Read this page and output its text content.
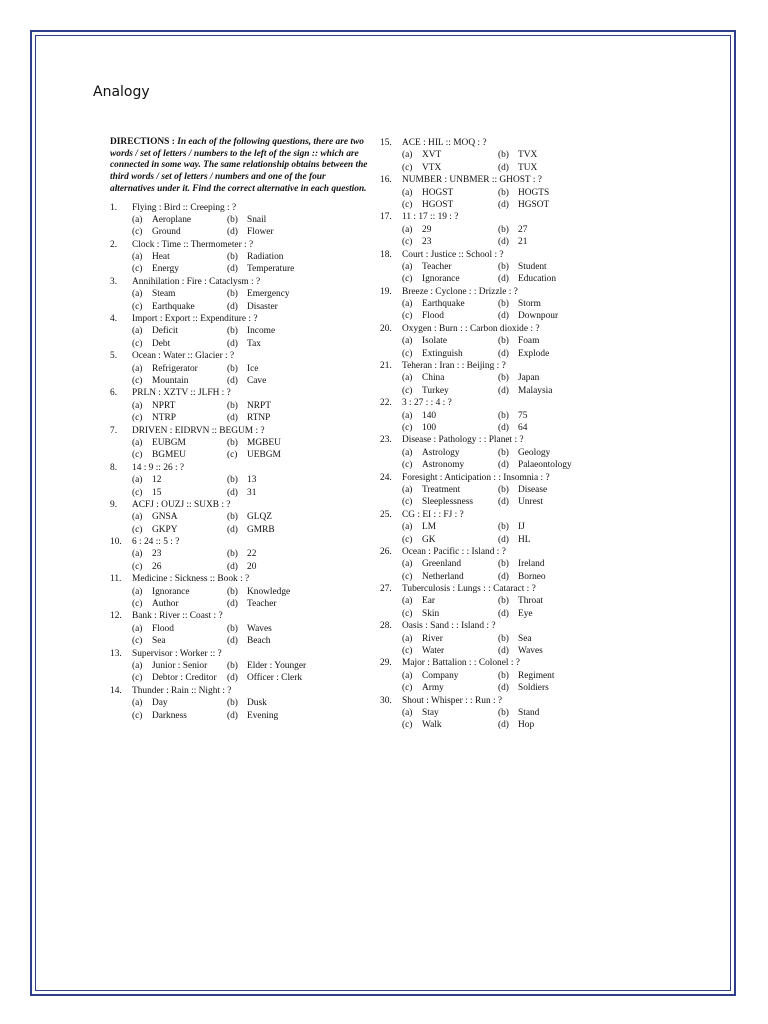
Analogy
DIRECTIONS : In each of the following questions, there are two words / set of letters / numbers to the left of the sign :: which are connected in some way. The same relationship obtains between the third words / set of letters / numbers and one of the four alternatives under it. Find the correct alternative in each question.
1.	Flying : Bird :: Creeping : ?
(a)	Aeroplane	(b) Snail
(c)	Ground	(d) Flower
2.	Clock : Time :: Thermometer : ?
(a)	Heat	(b) Radiation
(c)	Energy	(d) Temperature
3.	Annihilation : Fire : Cataclysm : ?
(a)	Steam	(b) Emergency
(c)	Earthquake	(d) Disaster
4.	Import : Export :: Expenditure : ?
(a)	Deficit	(b) Income
(c)	Debt	(d) Tax
5.	Ocean : Water :: Glacier : ?
(a)	Refrigerator	(b) Ice
(c)	Mountain	(d) Cave
6.	PRLN : XZTV :: JLFH : ?
(a)	NPRT	(b) NRPT
(c)	NTRP	(d) RTNP
7.	DRIVEN : EIDRVN :: BEGUM : ?
(a)	EUBGM	(b) MGBEU
(c)	BGMEU	(c)	UEBGM
8.	14 : 9 :: 26 : ?
(a)	12	(b) 13
(c)	15	(d) 31
9.	ACFJ : OUZJ :: SUXB : ?
(a)	GNSA	(b) GLQZ
(c)	GKPY	(d) GMRB
10.	6 : 24 :: 5 : ?
(a)	23	(b) 22
(c)	26	(d) 20
11.	Medicine : Sickness :: Book : ?
(a)	Ignorance	(b) Knowledge
(c)	Author	(d) Teacher
12.	Bank : River :: Coast : ?
(a)	Flood	(b) Waves
(c)	Sea	(d) Beach
13.	Supervisor : Worker :: ?
(a)	Junior : Senior (b) Elder : Younger
(c)	Debtor : Creditor (d) Officer : Clerk
14.	Thunder : Rain :: Night : ?
(a)	Day	(b) Dusk
(c)	Darkness	(d) Evening
15.	ACE : HIL :: MOQ : ?
(a)	XVT	(b) TVX
(c)	VTX	(d) TUX
16.	NUMBER : UNBMER :: GHOST : ?
(a)	HOGST	(b) HOGTS
(c)	HGOST	(d) HGSOT
17.	11 : 17 :: 19 : ?
(a)	29	(b) 27
(c)	23	(d) 21
18.	Court : Justice :: School : ?
(a)	Teacher	(b) Student
(c)	Ignorance	(d) Education
19.	Breeze : Cyclone : : Drizzle : ?
(a)	Earthquake	(b) Storm
(c)	Flood	(d) Downpour
20.	Oxygen : Burn : : Carbon dioxide : ?
(a)	Isolate	(b) Foam
(c)	Extinguish	(d) Explode
21.	Teheran : Iran : : Beijing : ?
(a)	China	(b) Japan
(c)	Turkey	(d) Malaysia
22.	3 : 27 : : 4 : ?
(a)	140	(b) 75
(c)	100	(d) 64
23.	Disease : Pathology : : Planet : ?
(a)	Astrology	(b) Geology
(c)	Astronomy	(d) Palaeontology
24.	Foresight : Anticipation : : Insomnia : ?
(a)	Treatment	(b) Disease
(c)	Sleeplessness	(d) Unrest
25.	CG : EI : : FJ : ?
(a)	LM	(b) IJ
(c)	GK	(d) HL
26.	Ocean : Pacific : : Island : ?
(a)	Greenland	(b) Ireland
(c)	Netherland	(d) Borneo
27.	Tuberculosis : Lungs : : Cataract : ?
(a)	Ear	(b) Throat
(c)	Skin	(d) Eye
28.	Oasis : Sand : : Island : ?
(a)	River	(b) Sea
(c)	Water	(d) Waves
29.	Major : Battalion : : Colonel : ?
(a)	Company	(b) Regiment
(c)	Army	(d) Soldiers
30.	Shout : Whisper : : Run : ?
(a)	Stay	(b) Stand
(c)	Walk	(d) Hop
